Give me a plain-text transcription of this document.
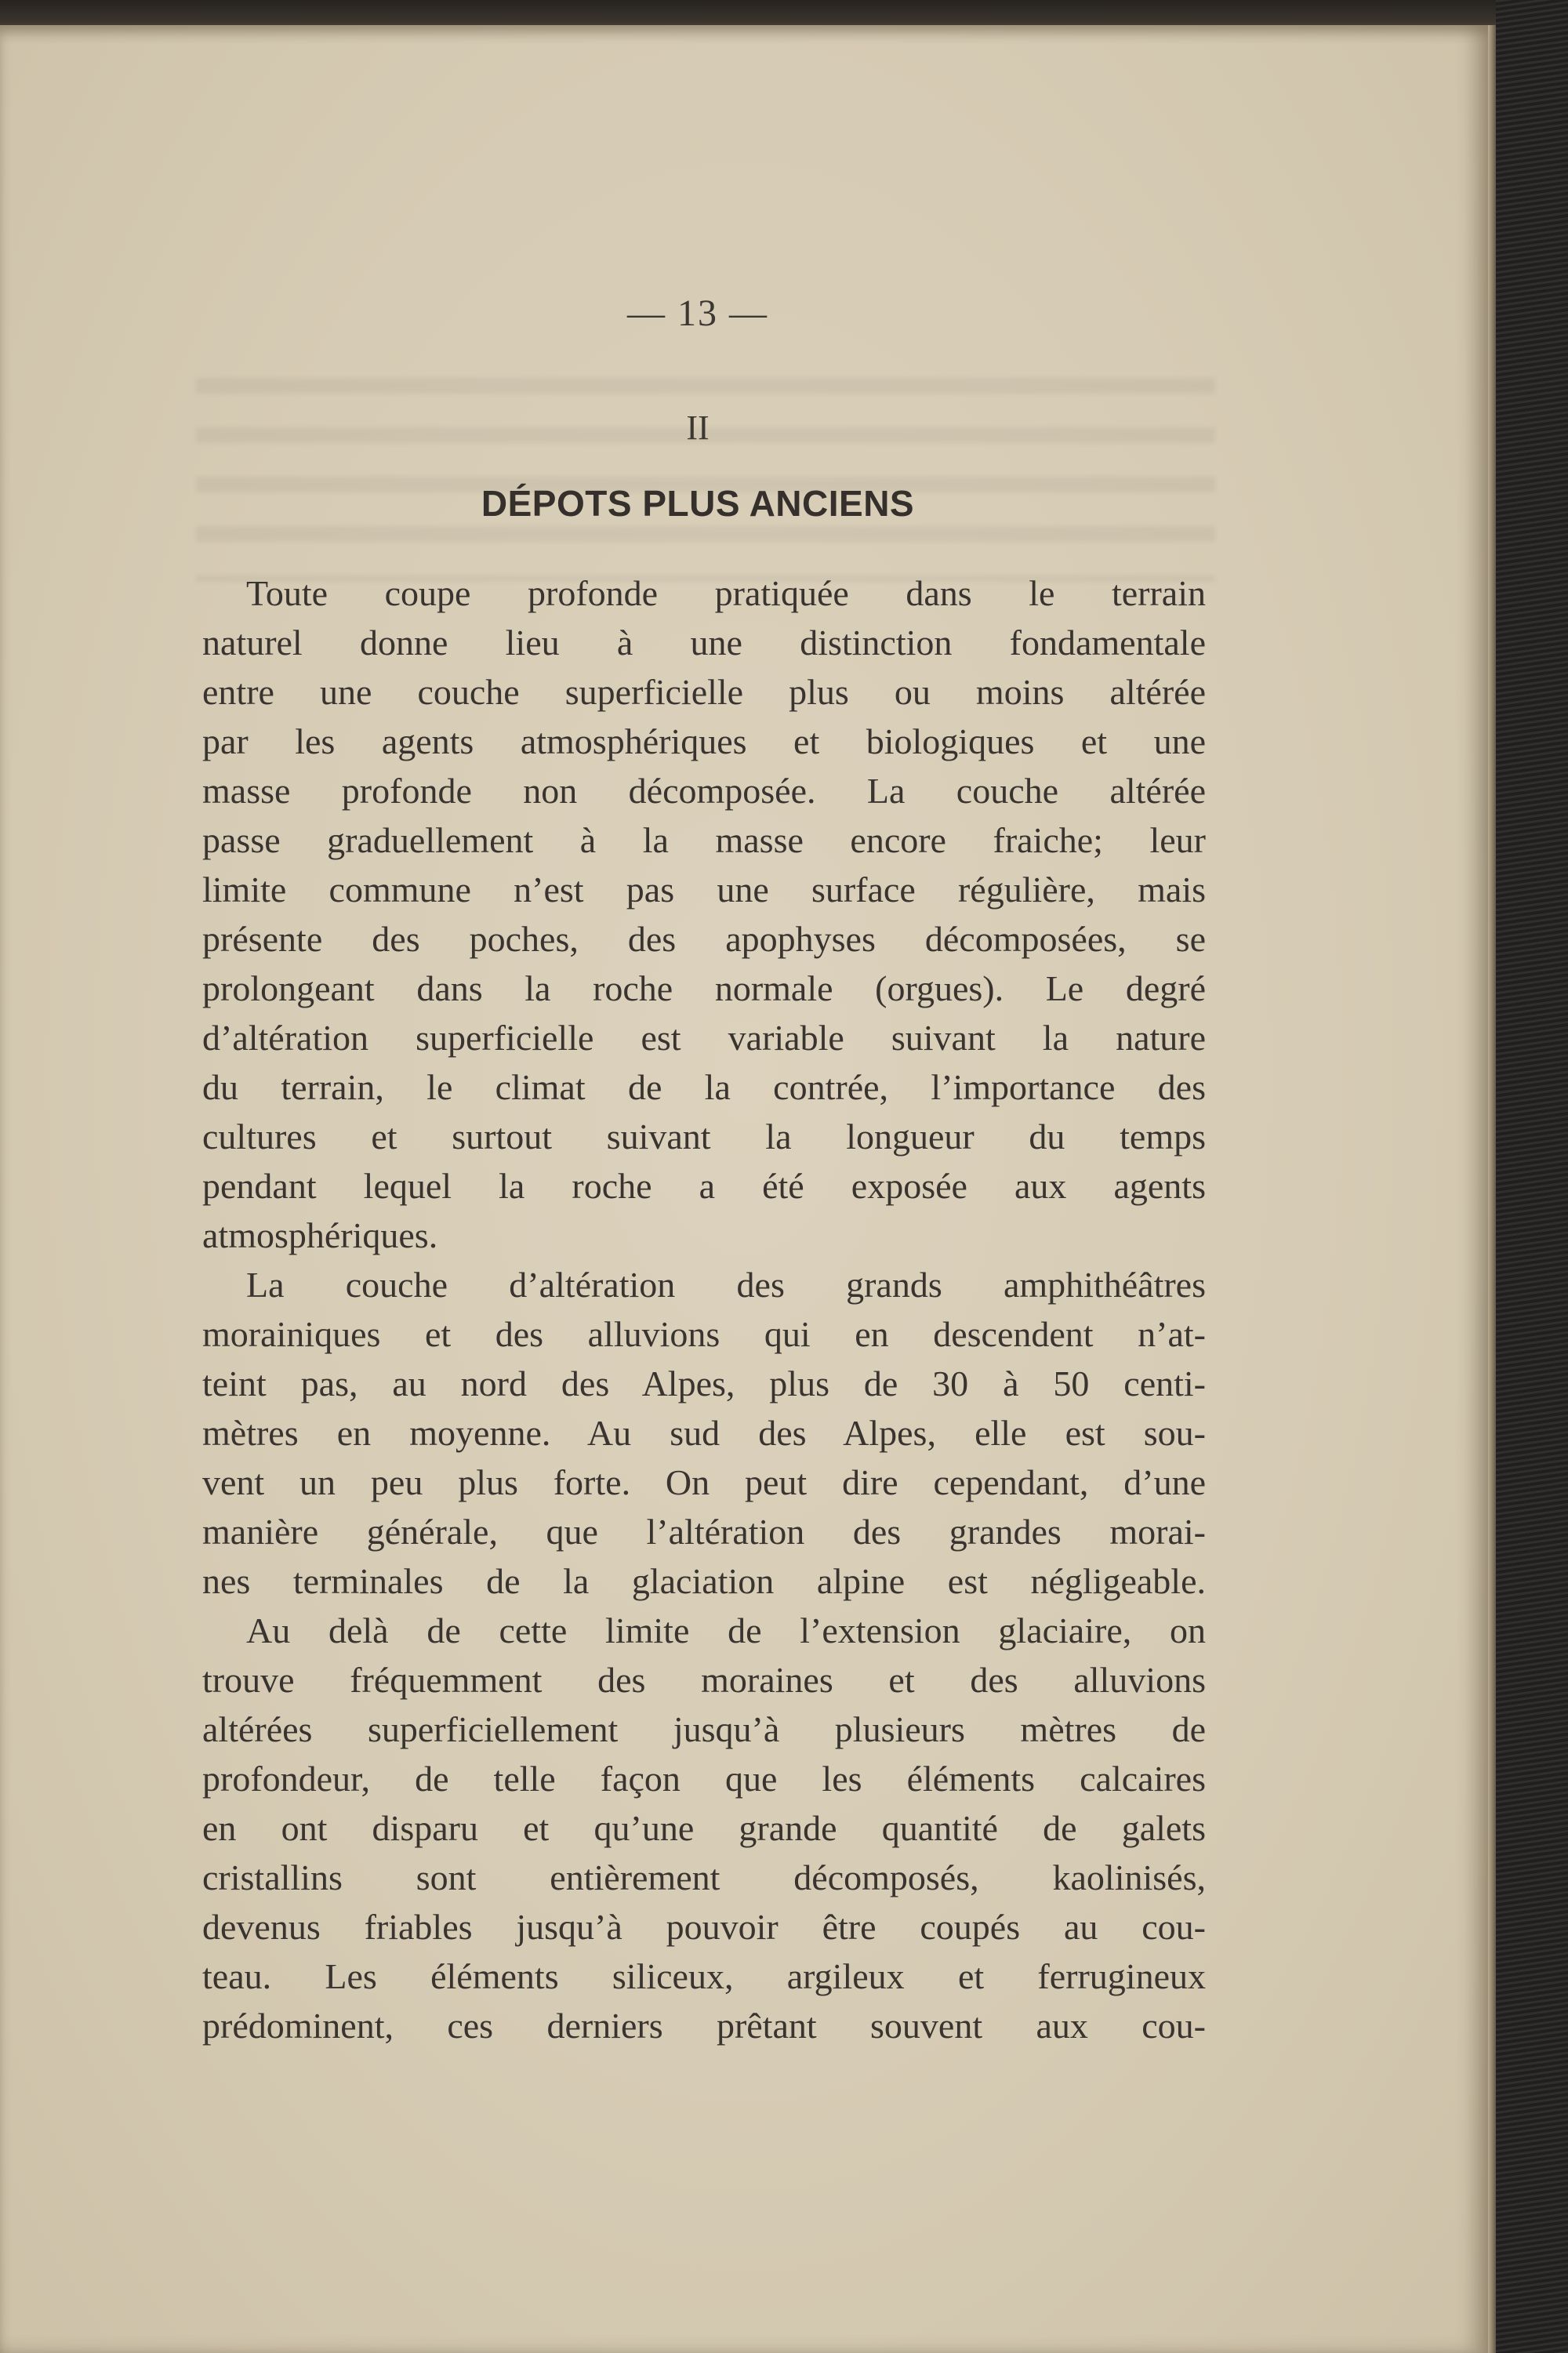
— 13 —
II
DÉPOTS PLUS ANCIENS
Toute coupe profonde pratiquée dans le terrain
naturel donne lieu à une distinction fondamentale
entre une couche superficielle plus ou moins altérée
par les agents atmosphériques et biologiques et une
masse profonde non décomposée. La couche altérée
passe graduellement à la masse encore fraiche; leur
limite commune n’est pas une surface régulière, mais
présente des poches, des apophyses décomposées, se
prolongeant dans la roche normale (orgues). Le degré
d’altération superficielle est variable suivant la nature
du terrain, le climat de la contrée, l’importance des
cultures et surtout suivant la longueur du temps
pendant lequel la roche a été exposée aux agents
atmosphériques.
La couche d’altération des grands amphithéâtres
morainiques et des alluvions qui en descendent n’at-
teint pas, au nord des Alpes, plus de 30 à 50 centi-
mètres en moyenne. Au sud des Alpes, elle est sou-
vent un peu plus forte. On peut dire cependant, d’une
manière générale, que l’altération des grandes morai-
nes terminales de la glaciation alpine est négligeable.
Au delà de cette limite de l’extension glaciaire, on
trouve fréquemment des moraines et des alluvions
altérées superficiellement jusqu’à plusieurs mètres de
profondeur, de telle façon que les éléments calcaires
en ont disparu et qu’une grande quantité de galets
cristallins sont entièrement décomposés, kaolinisés,
devenus friables jusqu’à pouvoir être coupés au cou-
teau. Les éléments siliceux, argileux et ferrugineux
prédominent, ces derniers prêtant souvent aux cou-
